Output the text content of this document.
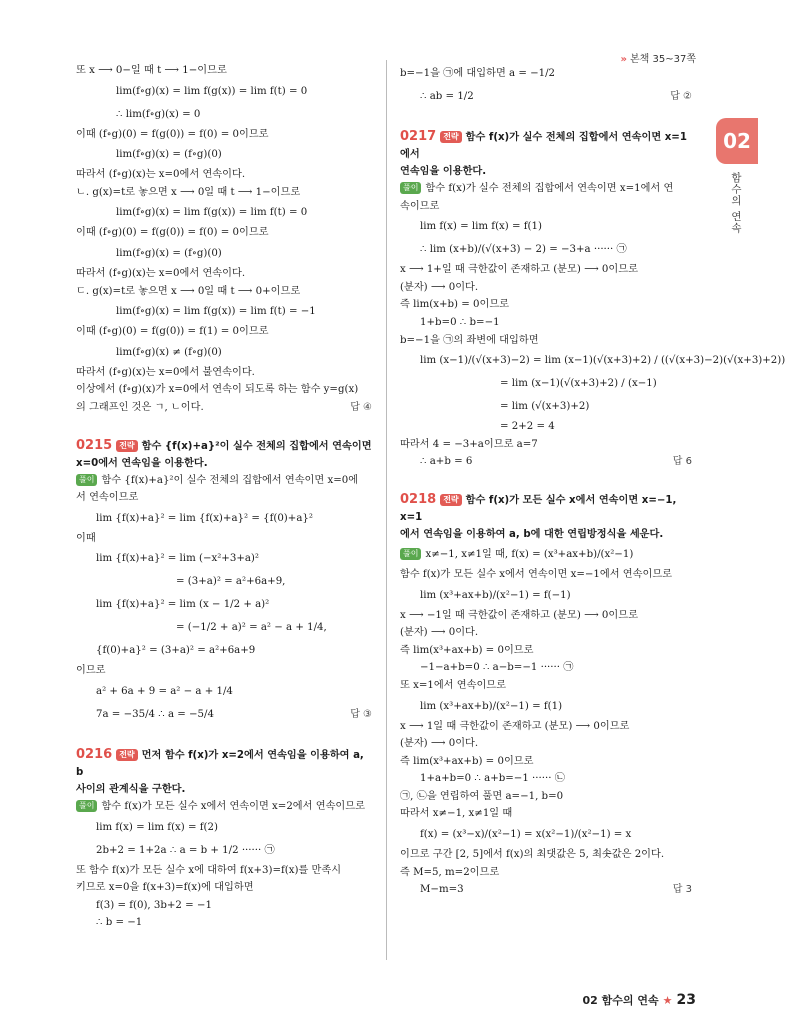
» 본책 35~37쪽
02
함수의 연속
또 x ⟶ 0−일 때 t ⟶ 1−이므로
lim(f∘g)(x) = lim f(g(x)) = lim f(t) = 0
∴ lim(f∘g)(x) = 0
이때 (f∘g)(0) = f(g(0)) = f(0) = 0이므로
lim(f∘g)(x) = (f∘g)(0)
따라서 (f∘g)(x)는 x=0에서 연속이다.
ㄴ. g(x)=t로 놓으면 x ⟶ 0일 때 t ⟶ 1−이므로
lim(f∘g)(x) = lim f(g(x)) = lim f(t) = 0
이때 (f∘g)(0) = f(g(0)) = f(0) = 0이므로
lim(f∘g)(x) = (f∘g)(0)
따라서 (f∘g)(x)는 x=0에서 연속이다.
ㄷ. g(x)=t로 놓으면 x ⟶ 0일 때 t ⟶ 0+이므로
lim(f∘g)(x) = lim f(g(x)) = lim f(t) = −1
이때 (f∘g)(0) = f(g(0)) = f(1) = 0이므로
lim(f∘g)(x) ≠ (f∘g)(0)
따라서 (f∘g)(x)는 x=0에서 불연속이다.
이상에서 (f∘g)(x)가 x=0에서 연속이 되도록 하는 함수 y=g(x)
의 그래프인 것은 ㄱ, ㄴ이다.	답 ④
0215 전략 함수 {f(x)+a}²이 실수 전체의 집합에서 연속이면
x=0에서 연속임을 이용한다.
풀이 함수 {f(x)+a}²이 실수 전체의 집합에서 연속이면 x=0에
서 연속이므로
lim {f(x)+a}² = lim {f(x)+a}² = {f(0)+a}²
이때
lim {f(x)+a}² = lim (−x²+3+a)²
= (3+a)² = a²+6a+9,
lim {f(x)+a}² = lim (x − 1/2 + a)²
= (−1/2 + a)² = a² − a + 1/4,
{f(0)+a}² = (3+a)² = a²+6a+9
이므로
a² + 6a + 9 = a² − a + 1/4
7a = −35/4 ∴ a = −5/4	답 ③
0216 전략 먼저 함수 f(x)가 x=2에서 연속임을 이용하여 a, b
사이의 관계식을 구한다.
풀이 함수 f(x)가 모든 실수 x에서 연속이면 x=2에서 연속이므로
lim f(x) = lim f(x) = f(2)
2b+2 = 1+2a ∴ a = b + 1/2 ······ ㉠
또 함수 f(x)가 모든 실수 x에 대하여 f(x+3)=f(x)를 만족시
키므로 x=0을 f(x+3)=f(x)에 대입하면
f(3) = f(0), 3b+2 = −1
∴ b = −1
b=−1을 ㉠에 대입하면 a = −1/2
∴ ab = 1/2	답 ②
0217 전략 함수 f(x)가 실수 전체의 집합에서 연속이면 x=1에서
연속임을 이용한다.
풀이 함수 f(x)가 실수 전체의 집합에서 연속이면 x=1에서 연
속이므로
lim f(x) = lim f(x) = f(1)
∴ lim (x+b)/(√(x+3) − 2) = −3+a ······ ㉠
x ⟶ 1+일 때 극한값이 존재하고 (분모) ⟶ 0이므로
(분자) ⟶ 0이다.
즉 lim(x+b) = 0이므로
1+b=0 ∴ b=−1
b=−1을 ㉠의 좌변에 대입하면
lim (x−1)/(√(x+3)−2) = lim (x−1)(√(x+3)+2) / ((√(x+3)−2)(√(x+3)+2))
= lim (x−1)(√(x+3)+2) / (x−1)
= lim (√(x+3)+2)
= 2+2 = 4
따라서 4 = −3+a이므로 a=7
∴ a+b = 6	답 6
0218 전략 함수 f(x)가 모든 실수 x에서 연속이면 x=−1, x=1
에서 연속임을 이용하여 a, b에 대한 연립방정식을 세운다.
풀이 x≠−1, x≠1일 때, f(x) = (x³+ax+b)/(x²−1)
함수 f(x)가 모든 실수 x에서 연속이면 x=−1에서 연속이므로
lim (x³+ax+b)/(x²−1) = f(−1)
x ⟶ −1일 때 극한값이 존재하고 (분모) ⟶ 0이므로
(분자) ⟶ 0이다.
즉 lim(x³+ax+b) = 0이므로
−1−a+b=0 ∴ a−b=−1 ······ ㉠
또 x=1에서 연속이므로
lim (x³+ax+b)/(x²−1) = f(1)
x ⟶ 1일 때 극한값이 존재하고 (분모) ⟶ 0이므로
(분자) ⟶ 0이다.
즉 lim(x³+ax+b) = 0이므로
1+a+b=0 ∴ a+b=−1 ······ ㉡
㉠, ㉡을 연립하여 풀면 a=−1, b=0
따라서 x≠−1, x≠1일 때
f(x) = (x³−x)/(x²−1) = x(x²−1)/(x²−1) = x
이므로 구간 [2, 5]에서 f(x)의 최댓값은 5, 최솟값은 2이다.
즉 M=5, m=2이므로
M−m=3	답 3
02 함수의 연속 ★ 23
